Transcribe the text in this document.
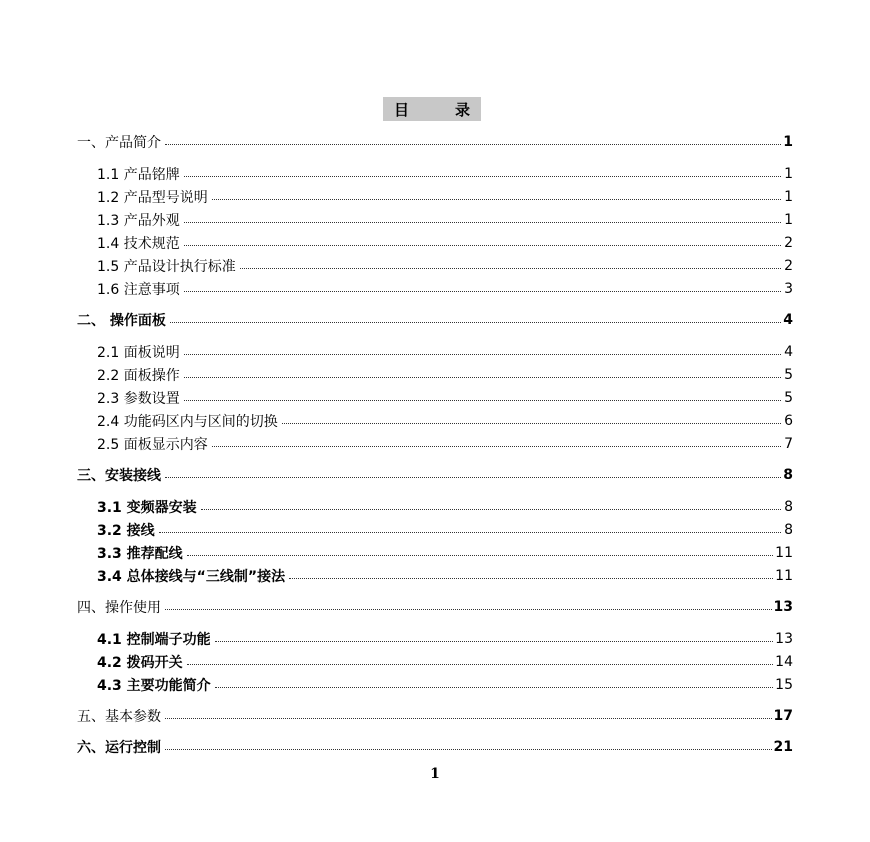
目	录
一、产品简介	1
1.1 产品铭牌	1
1.2 产品型号说明	1
1.3 产品外观	1
1.4 技术规范	2
1.5 产品设计执行标准	2
1.6 注意事项	3
二、 操作面板	4
2.1 面板说明	4
2.2 面板操作	5
2.3 参数设置	5
2.4 功能码区内与区间的切换	6
2.5 面板显示内容	7
三、安装接线	8
3.1 变频器安装	8
3.2 接线	8
3.3 推荐配线	11
3.4 总体接线与“三线制”接法	11
四、操作使用	13
4.1 控制端子功能	13
4.2 拨码开关	14
4.3 主要功能简介	15
五、基本参数	17
六、运行控制	21
1
